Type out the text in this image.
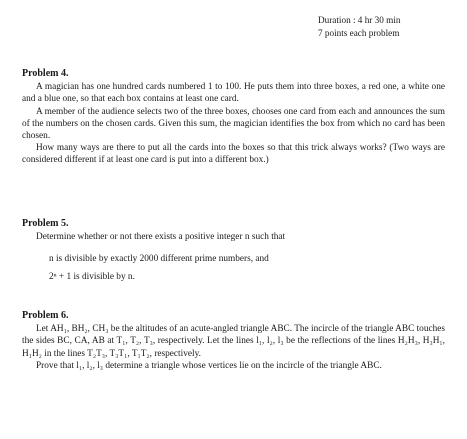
Duration : 4 hr 30 min
7 points each problem
Problem 4.

A magician has one hundred cards numbered 1 to 100. He puts them into three boxes, a red one, a white one and a blue one, so that each box contains at least one card.

A member of the audience selects two of the three boxes, chooses one card from each and announces the sum of the numbers on the chosen cards. Given this sum, the magician identifies the box from which no card has been chosen.

How many ways are there to put all the cards into the boxes so that this trick always works? (Two ways are considered different if at least one card is put into a different box.)

Problem 5.

Determine whether or not there exists a positive integer n such that

n is divisible by exactly 2000 different prime numbers, and
2ⁿ + 1 is divisible by n.
Problem 6.

Let AH₁, BH₂, CH₃ be the altitudes of an acute-angled triangle ABC. The incircle of the triangle ABC touches the sides BC, CA, AB at T₁, T₂, T₃, respectively. Let the lines l₁, l₂, l₃ be the reflections of the lines H₂H₃, H₃H₁, H₁H₂ in the lines T₂T₃, T₃T₁, T₁T₂, respectively.

Prove that l₁, l₂, l₃ determine a triangle whose vertices lie on the incircle of the triangle ABC.
